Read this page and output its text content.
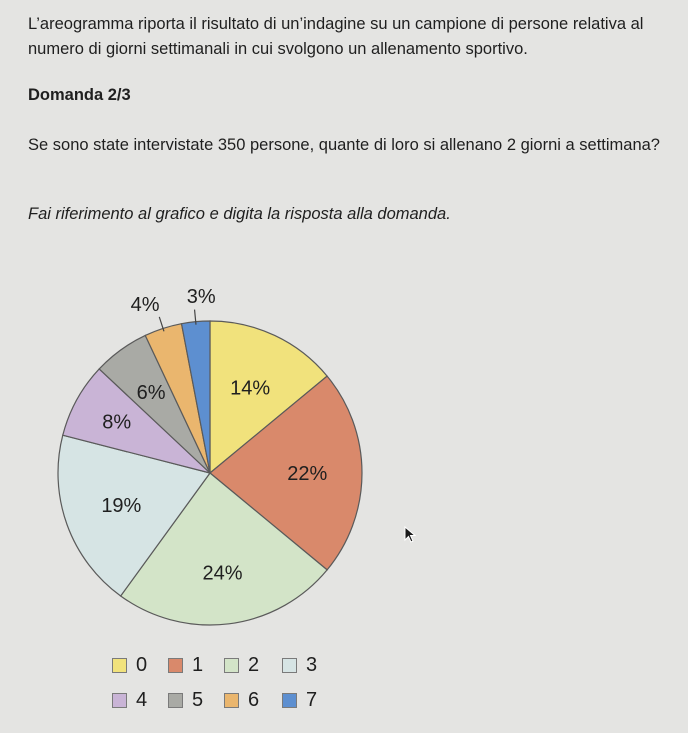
L’areogramma riporta il risultato di un’indagine su un campione di persone relativa al numero di giorni settimanali in cui svolgono un allenamento sportivo.
Domanda 2/3
Se sono state intervistate 350 persone, quante di loro si allenano 2 giorni a settimana?
Fai riferimento al grafico e digita la risposta alla domanda.
14%
22%
24%
19%
8%
6%
4% 3%
0 1 2 3
4 5 6 7
